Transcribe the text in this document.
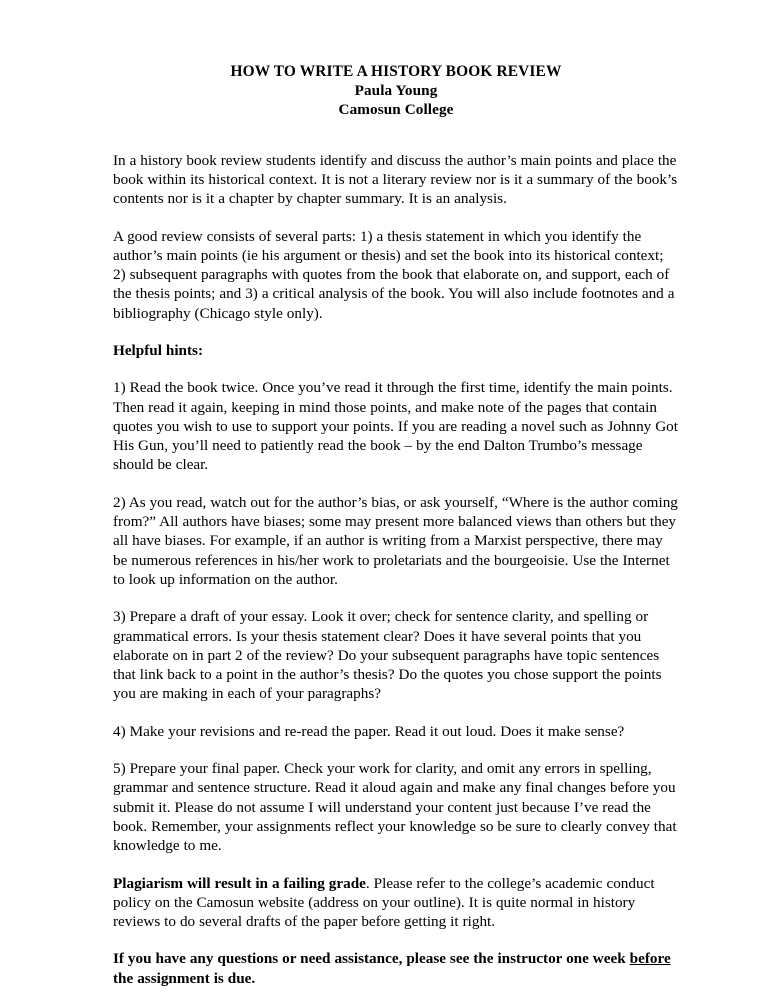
HOW TO WRITE A HISTORY BOOK REVIEW
Paula Young
Camosun College

In a history book review students identify and discuss the author’s main points and place the book within its historical context. It is not a literary review nor is it a summary of the book’s contents nor is it a chapter by chapter summary. It is an analysis.

A good review consists of several parts: 1) a thesis statement in which you identify the author’s main points (ie his argument or thesis) and set the book into its historical context; 2) subsequent paragraphs with quotes from the book that elaborate on, and support, each of the thesis points; and 3) a critical analysis of the book. You will also include footnotes and a bibliography (Chicago style only).

Helpful hints:

1) Read the book twice. Once you’ve read it through the first time, identify the main points. Then read it again, keeping in mind those points, and make note of the pages that contain quotes you wish to use to support your points. If you are reading a novel such as Johnny Got His Gun, you’ll need to patiently read the book – by the end Dalton Trumbo’s message should be clear.

2) As you read, watch out for the author’s bias, or ask yourself, “Where is the author coming from?” All authors have biases; some may present more balanced views than others but they all have biases. For example, if an author is writing from a Marxist perspective, there may be numerous references in his/her work to proletariats and the bourgeoisie. Use the Internet to look up information on the author.

3) Prepare a draft of your essay. Look it over; check for sentence clarity, and spelling or grammatical errors. Is your thesis statement clear? Does it have several points that you elaborate on in part 2 of the review? Do your subsequent paragraphs have topic sentences that link back to a point in the author’s thesis? Do the quotes you chose support the points you are making in each of your paragraphs?

4) Make your revisions and re-read the paper. Read it out loud. Does it make sense?

5) Prepare your final paper. Check your work for clarity, and omit any errors in spelling, grammar and sentence structure. Read it aloud again and make any final changes before you submit it. Please do not assume I will understand your content just because I’ve read the book. Remember, your assignments reflect your knowledge so be sure to clearly convey that knowledge to me.

Plagiarism will result in a failing grade. Please refer to the college’s academic conduct policy on the Camosun website (address on your outline). It is quite normal in history reviews to do several drafts of the paper before getting it right.

If you have any questions or need assistance, please see the instructor one week before the assignment is due.
